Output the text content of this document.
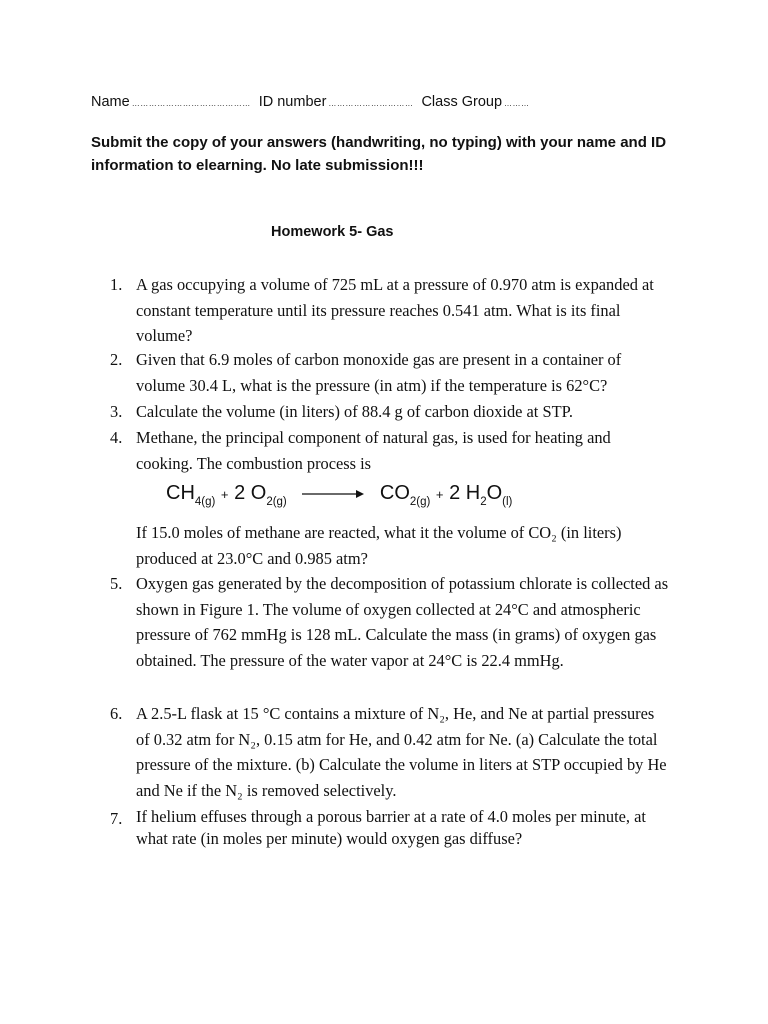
Name …………………………………… ID number ………………………… Class Group ………
Submit the copy of your answers (handwriting, no typing) with your name and ID information to elearning. No late submission!!!
Homework 5- Gas
1. A gas occupying a volume of 725 mL at a pressure of 0.970 atm is expanded at constant temperature until its pressure reaches 0.541 atm. What is its final volume?
2. Given that 6.9 moles of carbon monoxide gas are present in a container of volume 30.4 L, what is the pressure (in atm) if the temperature is 62°C?
3. Calculate the volume (in liters) of 88.4 g of carbon dioxide at STP.
4. Methane, the principal component of natural gas, is used for heating and cooking. The combustion process is
$CH_{4(g)} + 2$ $O_{2(g)} \to CO_{2(g)} + 2$ $H_2O_{(l)}$
If 15.0 moles of methane are reacted, what it the volume of CO₂ (in liters) produced at 23.0°C and 0.985 atm?
5. Oxygen gas generated by the decomposition of potassium chlorate is collected as shown in Figure 1. The volume of oxygen collected at 24°C and atmospheric pressure of 762 mmHg is 128 mL. Calculate the mass (in grams) of oxygen gas obtained. The pressure of the water vapor at 24°C is 22.4 mmHg.
6. A 2.5-L flask at 15 °C contains a mixture of N₂, He, and Ne at partial pressures of 0.32 atm for N₂, 0.15 atm for He, and 0.42 atm for Ne. (a) Calculate the total pressure of the mixture. (b) Calculate the volume in liters at STP occupied by He and Ne if the N₂ is removed selectively.
7. If helium effuses through a porous barrier at a rate of 4.0 moles per minute, at what rate (in moles per minute) would oxygen gas diffuse?
